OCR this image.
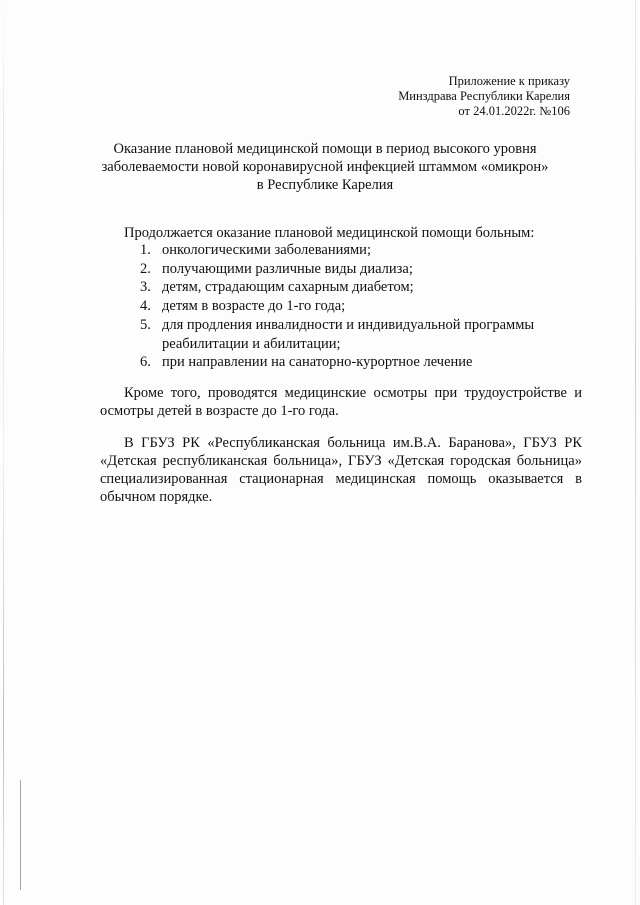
Приложение к приказу
Минздрава Республики Карелия
от 24.01.2022г. №106
Оказание плановой медицинской помощи в период высокого уровня
заболеваемости новой коронавирусной инфекцией штаммом «омикрон»
в Республике Карелия
Продолжается оказание плановой медицинской помощи больным:
1. онкологическими заболеваниями;
2. получающими различные виды диализа;
3. детям, страдающим сахарным диабетом;
4. детям в возрасте до 1-го года;
5. для продления инвалидности и индивидуальной программы
реабилитации и абилитации;
6. при направлении на санаторно-курортное лечение

Кроме того, проводятся медицинские осмотры при трудоустройстве и осмотры детей в возрасте до 1-го года.

В ГБУЗ РК «Республиканская больница им.В.А. Баранова», ГБУЗ РК «Детская республиканская больница», ГБУЗ «Детская городская больница» специализированная стационарная медицинская помощь оказывается в обычном порядке.
